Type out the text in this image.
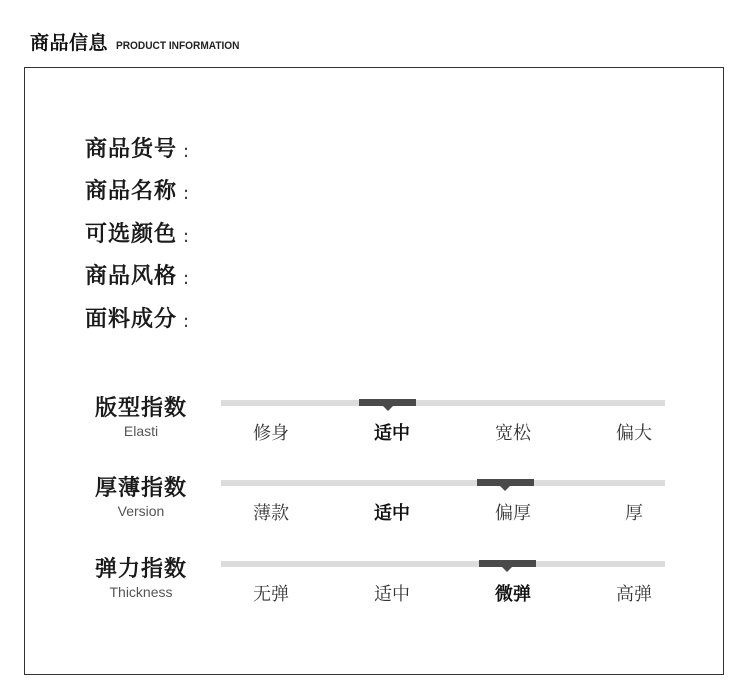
商品信息 PRODUCT INFORMATION
商品货号 :
商品名称 :
可选颜色 :
商品风格 :
面料成分 :
版型指数
Elasti	修身	适中	宽松	偏大
厚薄指数
Version	薄款	适中	偏厚	厚
弹力指数
Thickness	无弹	适中	微弹	高弹
